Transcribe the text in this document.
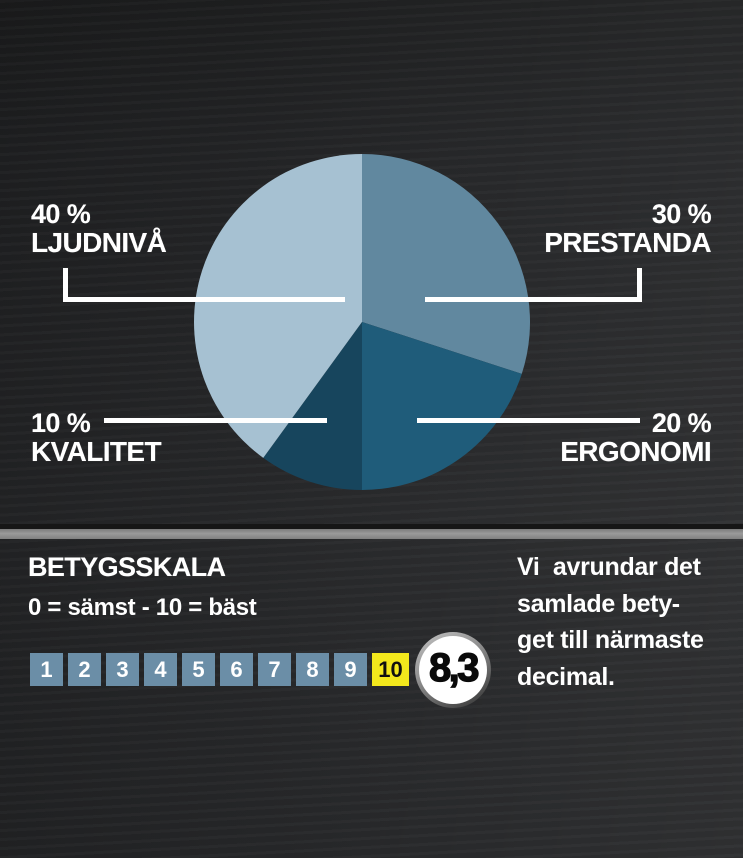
40 %
LJUDNIVÅ
30 %
PRESTANDA
10 %
KVALITET
20 %
ERGONOMI
BETYGSSKALA
0 = sämst - 10 = bäst
1 2 3 4 5 6 7 8 9 10 8,3
Vi  avrundar det
samlade bety-
get till närmaste
decimal.
